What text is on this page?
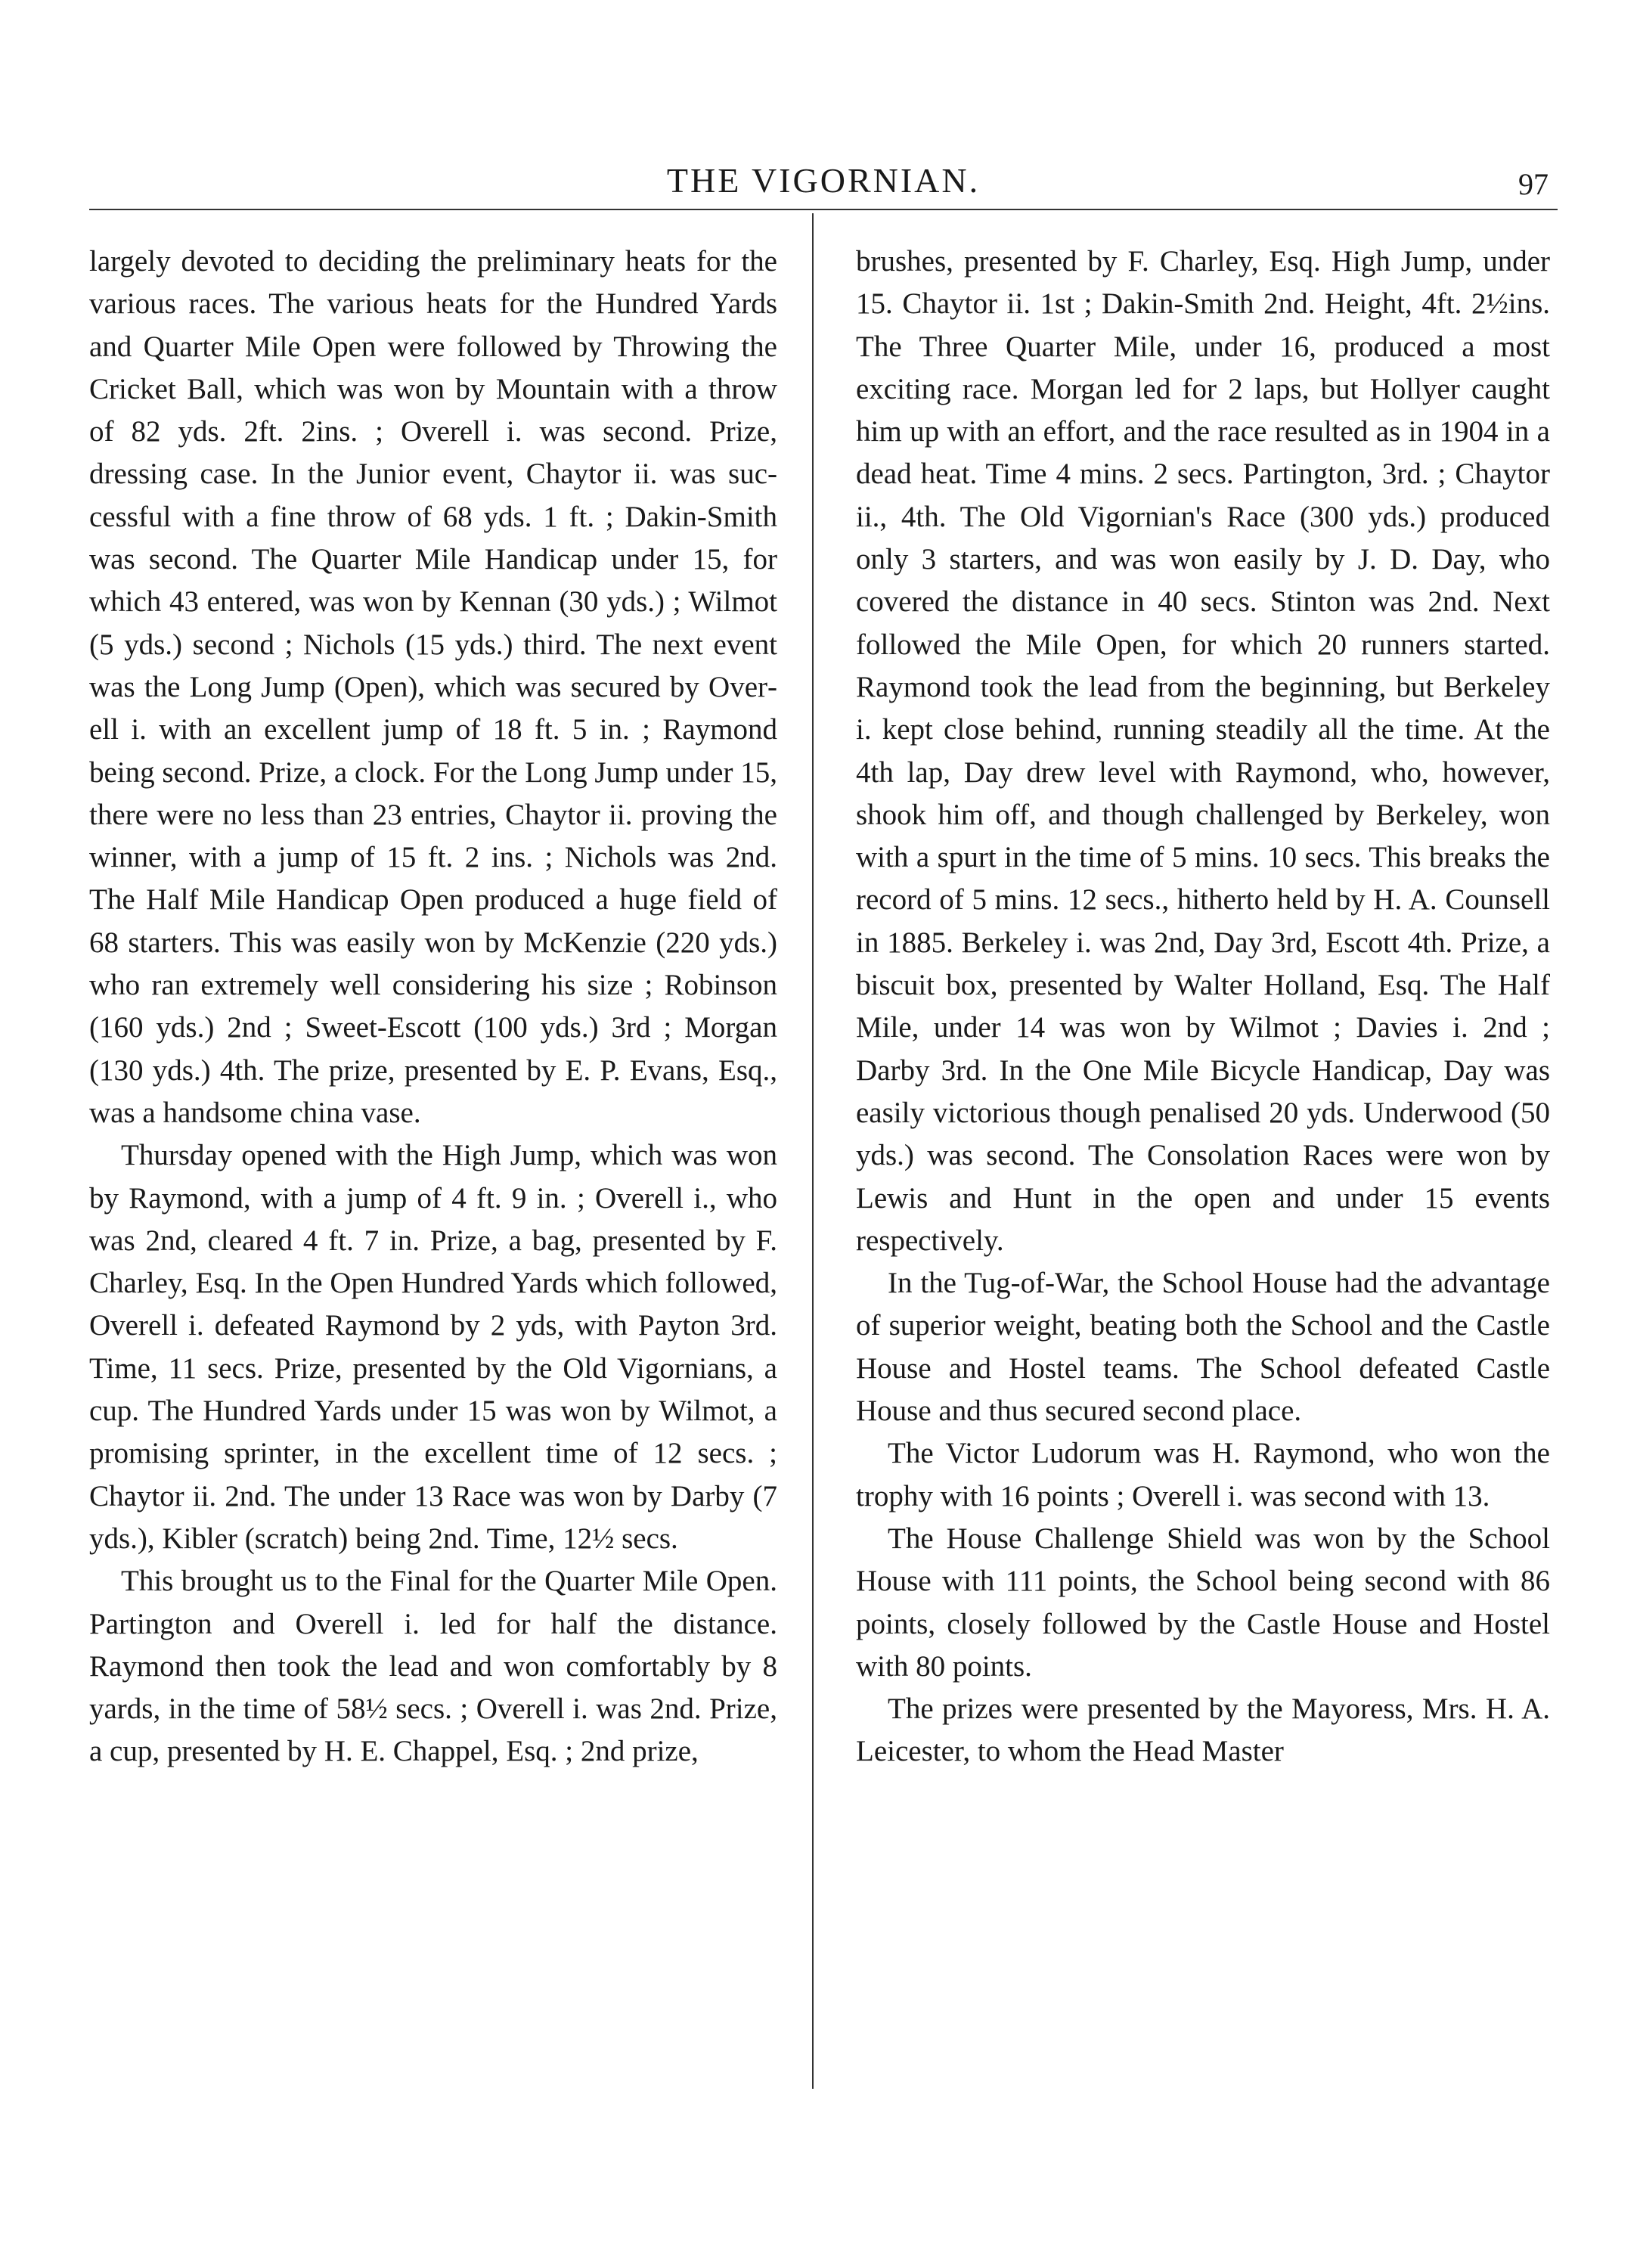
THE VIGORNIAN.	97

largely devoted to deciding the preliminary heats for the various races. The various heats for the Hundred Yards and Quarter Mile Open were followed by Throwing the Cricket Ball, which was won by Mountain with a throw of 82 yds. 2ft. 2ins. ; Overell i. was second. Prize, dressing case. In the Junior event, Chaytor ii. was successful with a fine throw of 68 yds. 1 ft. ; Dakin-Smith was second. The Quarter Mile Handicap under 15, for which 43 entered, was won by Kennan (30 yds.) ; Wilmot (5 yds.) second ; Nichols (15 yds.) third. The next event was the Long Jump (Open), which was secured by Overell i. with an excellent jump of 18 ft. 5 in. ; Raymond being second. Prize, a clock. For the Long Jump under 15, there were no less than 23 entries, Chaytor ii. proving the winner, with a jump of 15 ft. 2 ins. ; Nichols was 2nd. The Half Mile Handicap Open produced a huge field of 68 starters. This was easily won by McKenzie (220 yds.) who ran extremely well considering his size ; Robinson (160 yds.) 2nd ; Sweet-Escott (100 yds.) 3rd ; Morgan (130 yds.) 4th. The prize, presented by E. P. Evans, Esq., was a handsome china vase.

Thursday opened with the High Jump, which was won by Raymond, with a jump of 4 ft. 9 in. ; Overell i., who was 2nd, cleared 4 ft. 7 in. Prize, a bag, presented by F. Charley, Esq. In the Open Hundred Yards which followed, Overell i. defeated Raymond by 2 yds, with Payton 3rd. Time, 11 secs. Prize, presented by the Old Vigornians, a cup. The Hundred Yards under 15 was won by Wilmot, a promising sprinter, in the excellent time of 12 secs. ; Chaytor ii. 2nd. The under 13 Race was won by Darby (7 yds.), Kibler (scratch) being 2nd. Time, 12½ secs.

This brought us to the Final for the Quarter Mile Open. Partington and Overell i. led for half the distance. Raymond then took the lead and won comfortably by 8 yards, in the time of 58½ secs. ; Overell i. was 2nd. Prize, a cup, presented by H. E. Chappel, Esq. ; 2nd prize,

brushes, presented by F. Charley, Esq. High Jump, under 15. Chaytor ii. 1st ; Dakin-Smith 2nd. Height, 4ft. 2½ins. The Three Quarter Mile, under 16, produced a most exciting race. Morgan led for 2 laps, but Hollyer caught him up with an effort, and the race resulted as in 1904 in a dead heat. Time 4 mins. 2 secs. Partington, 3rd. ; Chaytor ii., 4th. The Old Vigornian's Race (300 yds.) produced only 3 starters, and was won easily by J. D. Day, who covered the distance in 40 secs. Stinton was 2nd. Next followed the Mile Open, for which 20 runners started. Raymond took the lead from the beginning, but Berkeley i. kept close behind, running steadily all the time. At the 4th lap, Day drew level with Raymond, who, however, shook him off, and though challenged by Berkeley, won with a spurt in the time of 5 mins. 10 secs. This breaks the record of 5 mins. 12 secs., hitherto held by H. A. Counsell in 1885. Berkeley i. was 2nd, Day 3rd, Escott 4th. Prize, a biscuit box, presented by Walter Holland, Esq. The Half Mile, under 14 was won by Wilmot ; Davies i. 2nd ; Darby 3rd. In the One Mile Bicycle Handicap, Day was easily victorious though penalised 20 yds. Underwood (50 yds.) was second. The Consolation Races were won by Lewis and Hunt in the open and under 15 events respectively.

In the Tug-of-War, the School House had the advantage of superior weight, beating both the School and the Castle House and Hostel teams. The School defeated Castle House and thus secured second place.

The Victor Ludorum was H. Raymond, who won the trophy with 16 points ; Overell i. was second with 13.

The House Challenge Shield was won by the School House with 111 points, the School being second with 86 points, closely followed by the Castle House and Hostel with 80 points.

The prizes were presented by the Mayoress, Mrs. H. A. Leicester, to whom the Head Master
